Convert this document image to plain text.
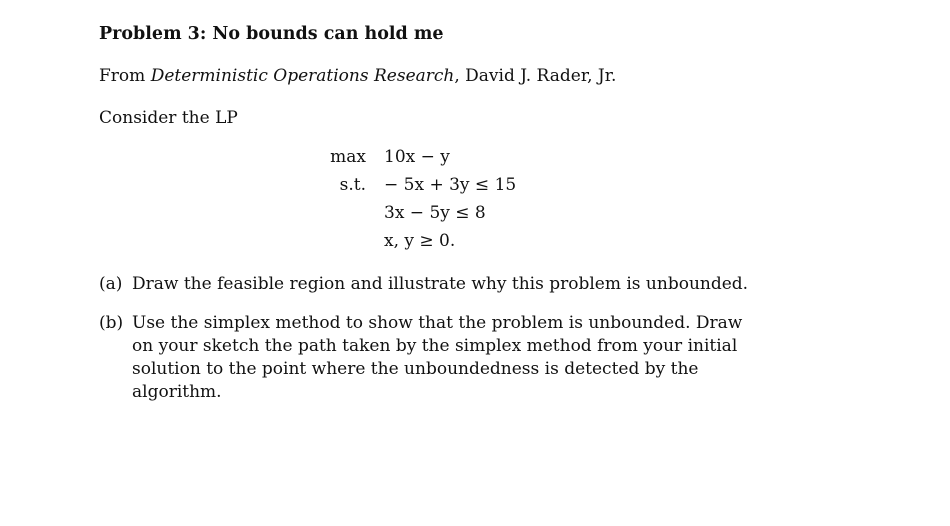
Problem 3: No bounds can hold me
From Deterministic Operations Research, David J. Rader, Jr.
Consider the LP
max 10x − y
s.t. − 5x + 3y ≤ 15
3x − 5y ≤ 8
x, y ≥ 0.
(a) Draw the feasible region and illustrate why this problem is unbounded.
(b) Use the simplex method to show that the problem is unbounded. Draw on your sketch the path taken by the simplex method from your initial solution to the point where the unboundedness is detected by the algorithm.
